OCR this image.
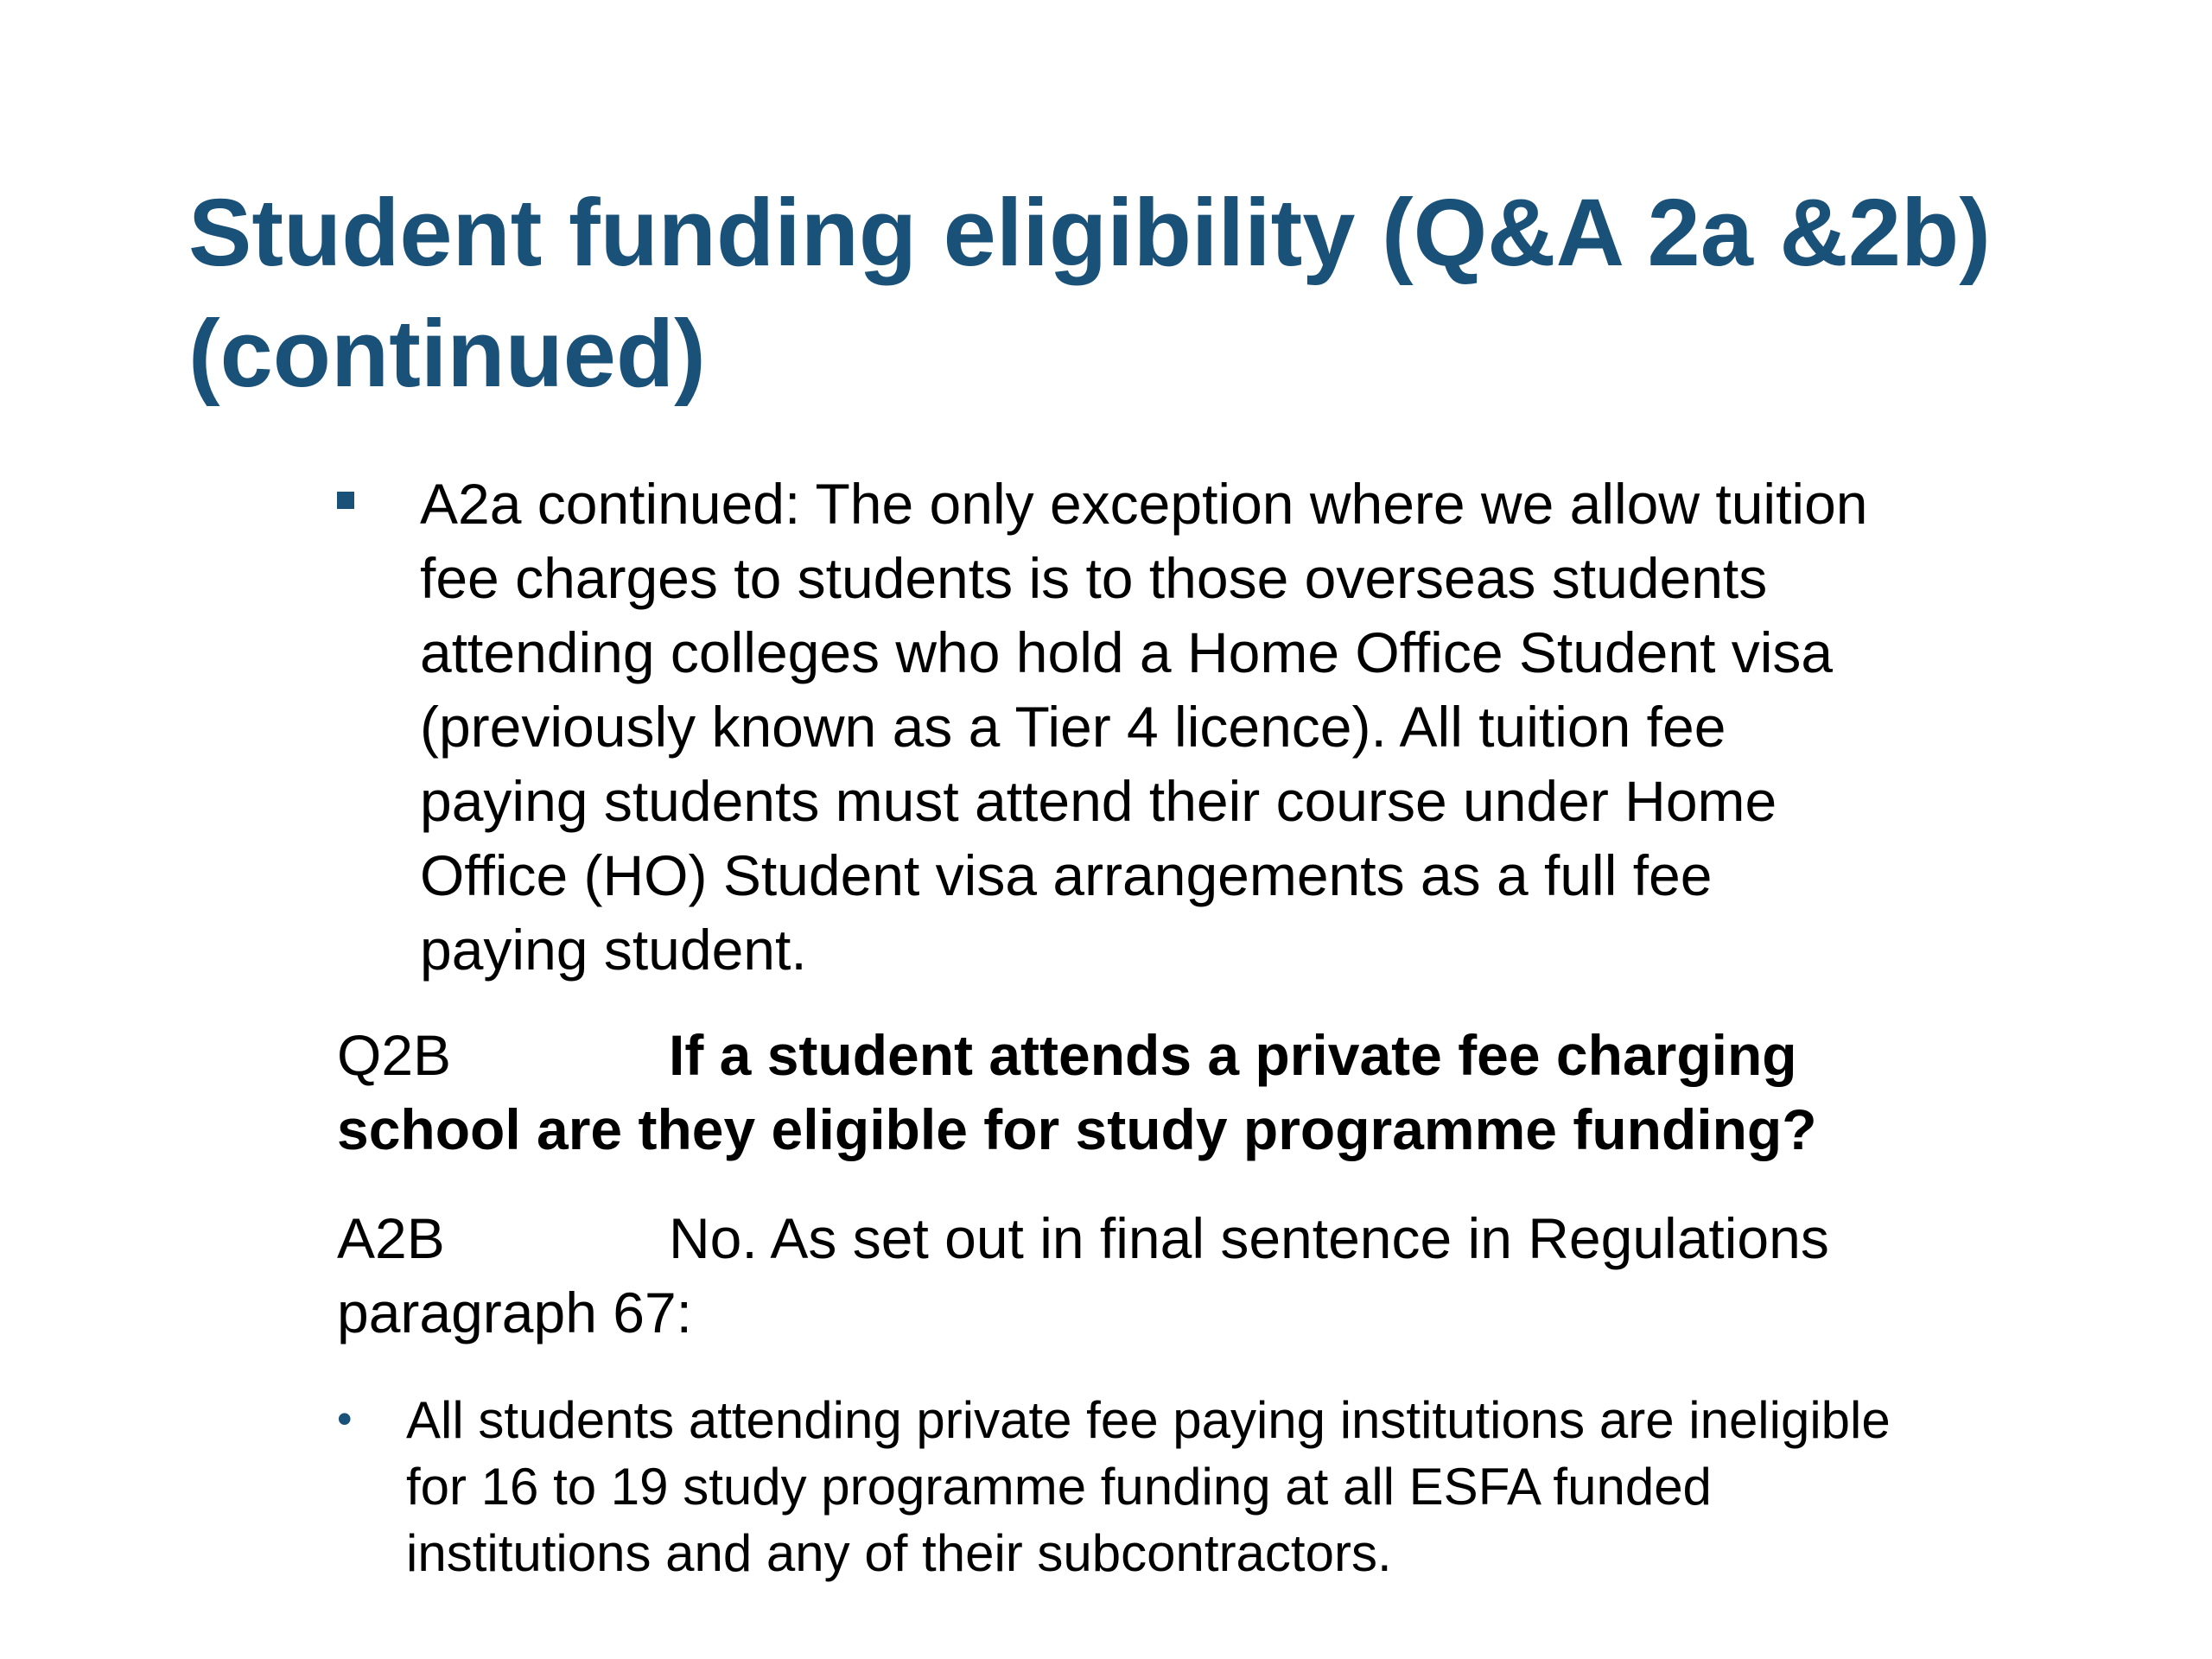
Student funding eligibility (Q&A 2a &2b)
(continued)
A2a continued: The only exception where we allow tuition
fee charges to students is to those overseas students
attending colleges who hold a Home Office Student visa
(previously known as a Tier 4 licence). All tuition fee
paying students must attend their course under Home
Office (HO) Student visa arrangements as a full fee
paying student.
Q2B	If a student attends a private fee charging
school are they eligible for study programme funding?
A2B	No. As set out in final sentence in Regulations
paragraph 67:
• All students attending private fee paying institutions are ineligible
for 16 to 19 study programme funding at all ESFA funded
institutions and any of their subcontractors.
